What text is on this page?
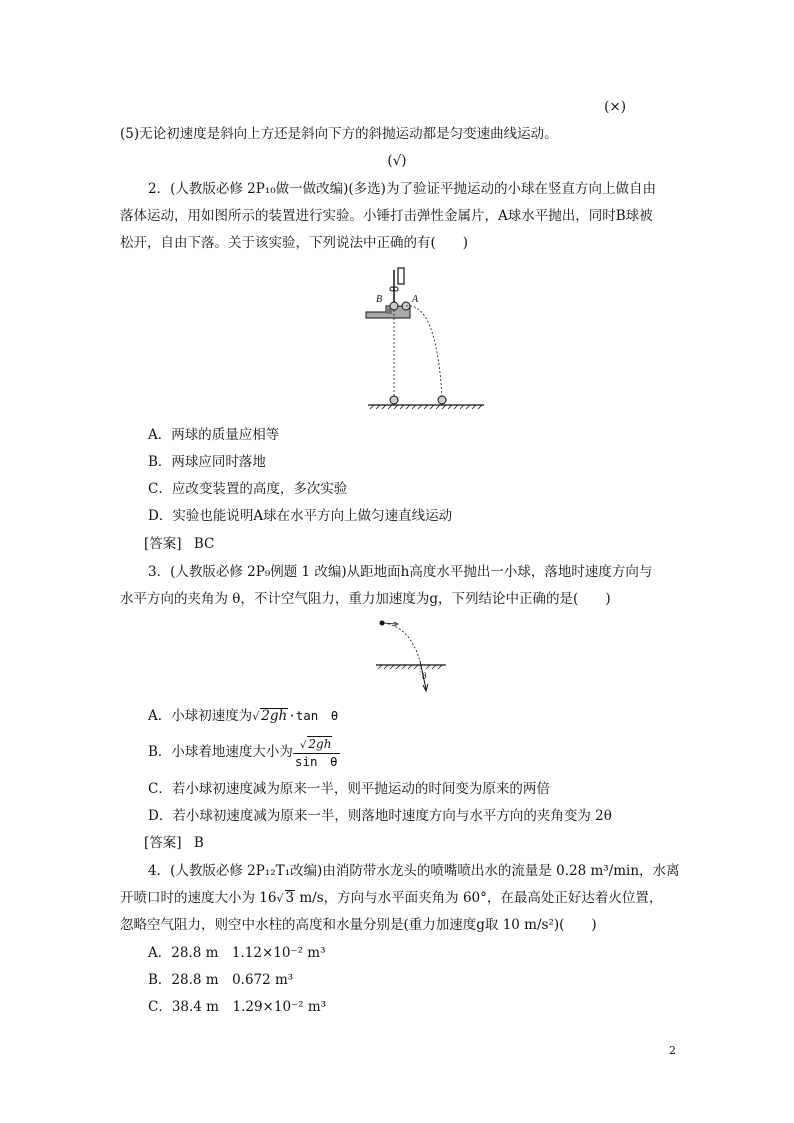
(×)
(5)无论初速度是斜向上方还是斜向下方的斜抛运动都是匀变速曲线运动。
(√)
2．(人教版必修 2P₁₀做一做改编)(多选)为了验证平抛运动的小球在竖直方向上做自由
落体运动，用如图所示的装置进行实验。小锤打击弹性金属片，A球水平抛出，同时B球被
松开，自由下落。关于该实验，下列说法中正确的有(　　)
B	A
A．两球的质量应相等
B．两球应同时落地
C．应改变装置的高度，多次实验
D．实验也能说明A球在水平方向上做匀速直线运动
[答案] BC
3．(人教版必修 2P₉例题 1 改编)从距地面h高度水平抛出一小球，落地时速度方向与
水平方向的夹角为 θ，不计空气阻力，重力加速度为g，下列结论中正确的是(　　)
θ
A．小球初速度为√ 2gh·tan　θ
B．小球着地速度大小为 $\frac{√ 2gh}{\text{sin　θ}}$
C．若小球初速度减为原来一半，则平抛运动的时间变为原来的两倍
D．若小球初速度减为原来一半，则落地时速度方向与水平方向的夹角变为 2θ
[答案] B
4．(人教版必修 2P₁₂T₁改编)由消防带水龙头的喷嘴喷出水的流量是 0.28 m³/min，水离
开喷口时的速度大小为 16√ 3 m/s，方向与水平面夹角为 60°，在最高处正好达着火位置，
忽略空气阻力，则空中水柱的高度和水量分别是(重力加速度g取 10 m/s²)(　　)
A．28.8 m　1.12×10⁻² m³
B．28.8 m　0.672 m³
C．38.4 m　1.29×10⁻² m³
2
